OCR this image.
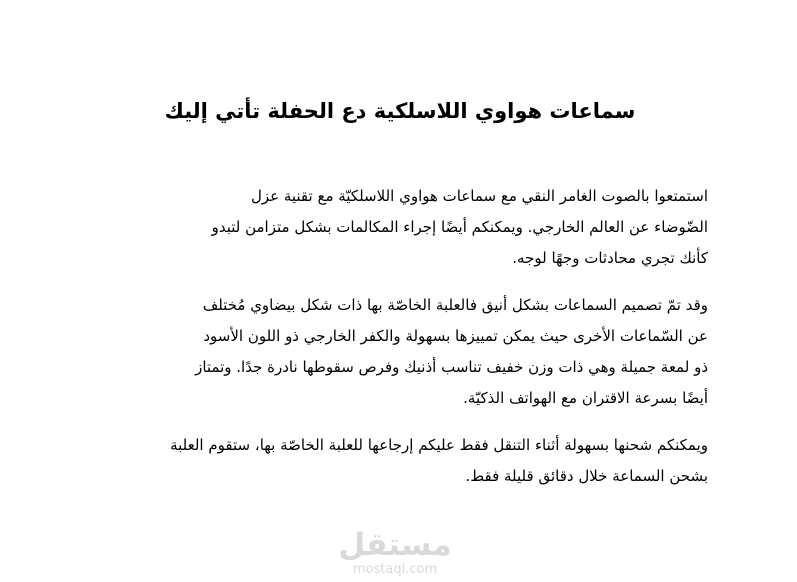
سماعات هواوي اللاسلكية دع الحفلة تأتي إليك

استمتعوا بالصوت الغامر النقي مع سماعات هواوي اللاسلكيّة مع تقنية عزل
الضّوضاء عن العالم الخارجي. ويمكنكم أيضًا إجراء المكالمات بشكل متزامن لتبدو
كأنك تجري محادثات وجهًا لوجه.

وقد تمّ تصميم السماعات بشكل أنيق فالعلبة الخاصّة بها ذات شكل بيضاوي مُختلف
عن السّماعات الأخرى حيث يمكن تمييزها بسهولة والكفر الخارجي ذو اللون الأسود
ذو لمعة جميلة وهي ذات وزن خفيف تناسب أذنيك وفرص سقوطها نادرة جدًا. وتمتاز
أيضًا بسرعة الاقتران مع الهواتف الذكيّة.

ويمكنكم شحنها بسهولة أثناء التنقل فقط عليكم إرجاعها للعلبة الخاصّة بها، ستقوم العلبة
بشحن السماعة خلال دقائق قليلة فقط.

مستقل
mostaql.com
